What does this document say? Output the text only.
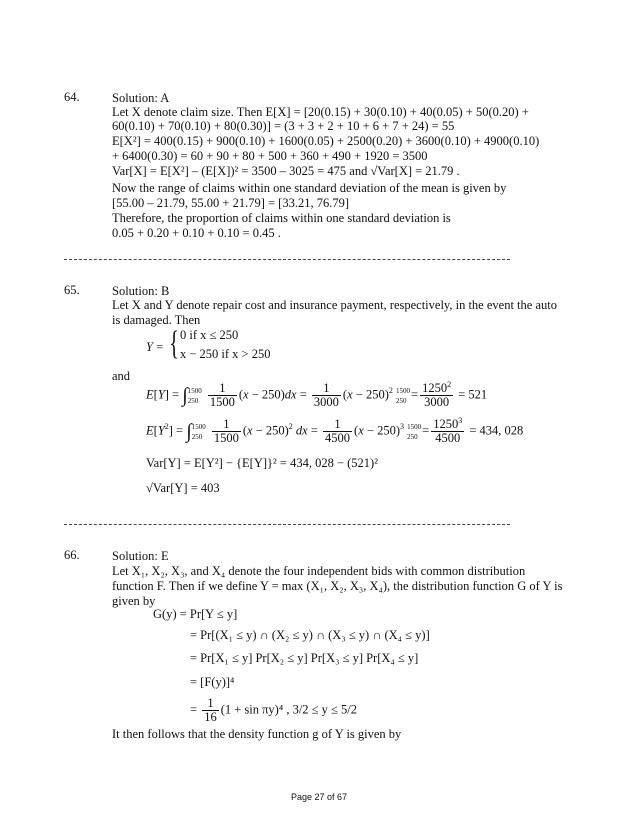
64.	Solution: A
Let X denote claim size. Then E[X] = [20(0.15) + 30(0.10) + 40(0.05) + 50(0.20) +
60(0.10) + 70(0.10) + 80(0.30)] = (3 + 3 + 2 + 10 + 6 + 7 + 24) = 55
E[X²] = 400(0.15) + 900(0.10) + 1600(0.05) + 2500(0.20) + 3600(0.10) + 4900(0.10)
+ 6400(0.30) = 60 + 90 + 80 + 500 + 360 + 490 + 1920 = 3500
Var[X] = E[X²] – (E[X])² = 3500 – 3025 = 475 and √Var[X] = 21.79 .
Now the range of claims within one standard deviation of the mean is given by
[55.00 – 21.79, 55.00 + 21.79] = [33.21, 76.79]
Therefore, the proportion of claims within one standard deviation is
0.05 + 0.20 + 0.10 + 0.10 = 0.45 .
65.	Solution: B
Let X and Y denote repair cost and insurance payment, respectively, in the event the auto
is damaged. Then
Y = { 0 if x ≤ 250
x − 250 if x > 250
and
E[Y] = ∫1500
$250 \frac{1}{1500} (x - 250)dx = \frac{1}{3000} (x - 250)^2$ 1500
$250 = \frac{1250^2}{3000} = 521$
$E[Y^2] = \int 1500$
$250 \frac{1}{1500} (x - 250)^2$ dx = $\frac{1}{4500} (x - 250)^3$ 1500
$250 = \frac{1250^3}{4500} = 434$, 028
Var[Y] = E[Y²] − {E[Y]}² = 434, 028 − (521)²
√Var[Y] = 403
66.	Solution: E
Let X₁, X₂, X₃, and X₄ denote the four independent bids with common distribution
function F. Then if we define Y = max (X₁, X₂, X₃, X₄), the distribution function G of Y is
given by
G(y) = Pr[Y ≤ y]
= Pr[(X₁ ≤ y) ∩ (X₂ ≤ y) ∩ (X₃ ≤ y) ∩ (X₄ ≤ y)]
= Pr[X₁ ≤ y] Pr[X₂ ≤ y] Pr[X₃ ≤ y] Pr[X₄ ≤ y]
= [F(y)]⁴
= $\frac{1}{16} (1 + \sin \pi y)^4$ , 3/2 ≤ y ≤ 5/2
It then follows that the density function g of Y is given by
Page 27 of 67
